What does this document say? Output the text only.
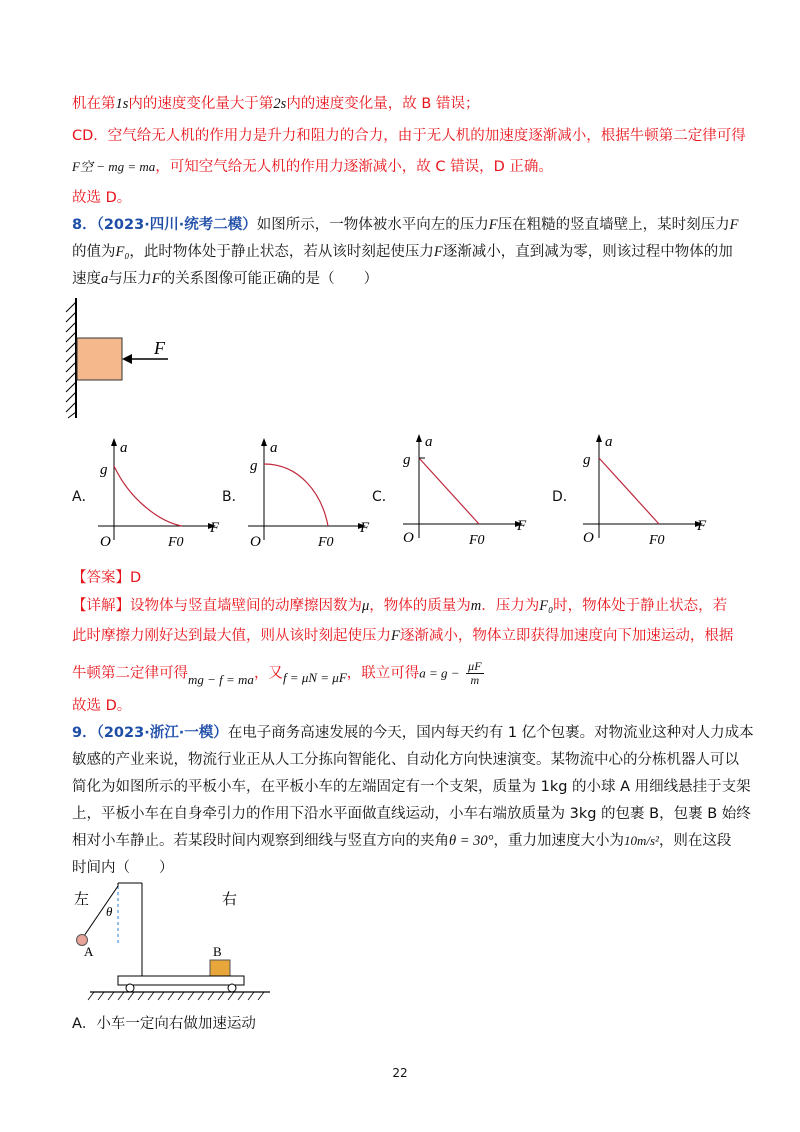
机在第1s内的速度变化量大于第2s内的速度变化量，故 B 错误；
CD．空气给无人机的作用力是升力和阻力的合力，由于无人机的加速度逐渐减小，根据牛顿第二定律可得
F空 − mg = ma，可知空气给无人机的作用力逐渐减小，故 C 错误，D 正确。
故选 D。
8．（2023·四川·统考二模）如图所示，一物体被水平向左的压力F压在粗糙的竖直墙壁上，某时刻压力F
的值为F₀，此时物体处于静止状态，若从该时刻起使压力F逐渐减小，直到减为零，则该过程中物体的加
速度a与压力F的关系图像可能正确的是（　　）
F
A．
a
g
O
F
F0
B．
a
g
O
F
F0
C．
a
g
O
F
F0
D．
a
g
O
F
F0
【答案】D
【详解】设物体与竖直墙壁间的动摩擦因数为μ，物体的质量为m．压力为F₀时，物体处于静止状态，若
此时摩擦力刚好达到最大值，则从该时刻起使压力F逐渐减小，物体立即获得加速度向下加速运动，根据
牛顿第二定律可得mg − f = ma，又f = μN = μF，联立可得$a = g - \frac{\mu F}{m}$
故选 D。
9．（2023·浙江·一模）在电子商务高速发展的今天，国内每天约有 1 亿个包裹。对物流业这种对人力成本
敏感的产业来说，物流行业正从人工分拣向智能化、自动化方向快速演变。某物流中心的分栋机器人可以
简化为如图所示的平板小车，在平板小车的左端固定有一个支架，质量为 1kg 的小球 A 用细线悬挂于支架
上，平板小车在自身牵引力的作用下沿水平面做直线运动，小车右端放质量为 3kg 的包裹 B，包裹 B 始终
相对小车静止。若某段时间内观察到细线与竖直方向的夹角θ = 30°，重力加速度大小为10m/s²，则在这段
时间内（　　）
左	右
θ
A	B
A．小车一定向右做加速运动
22
